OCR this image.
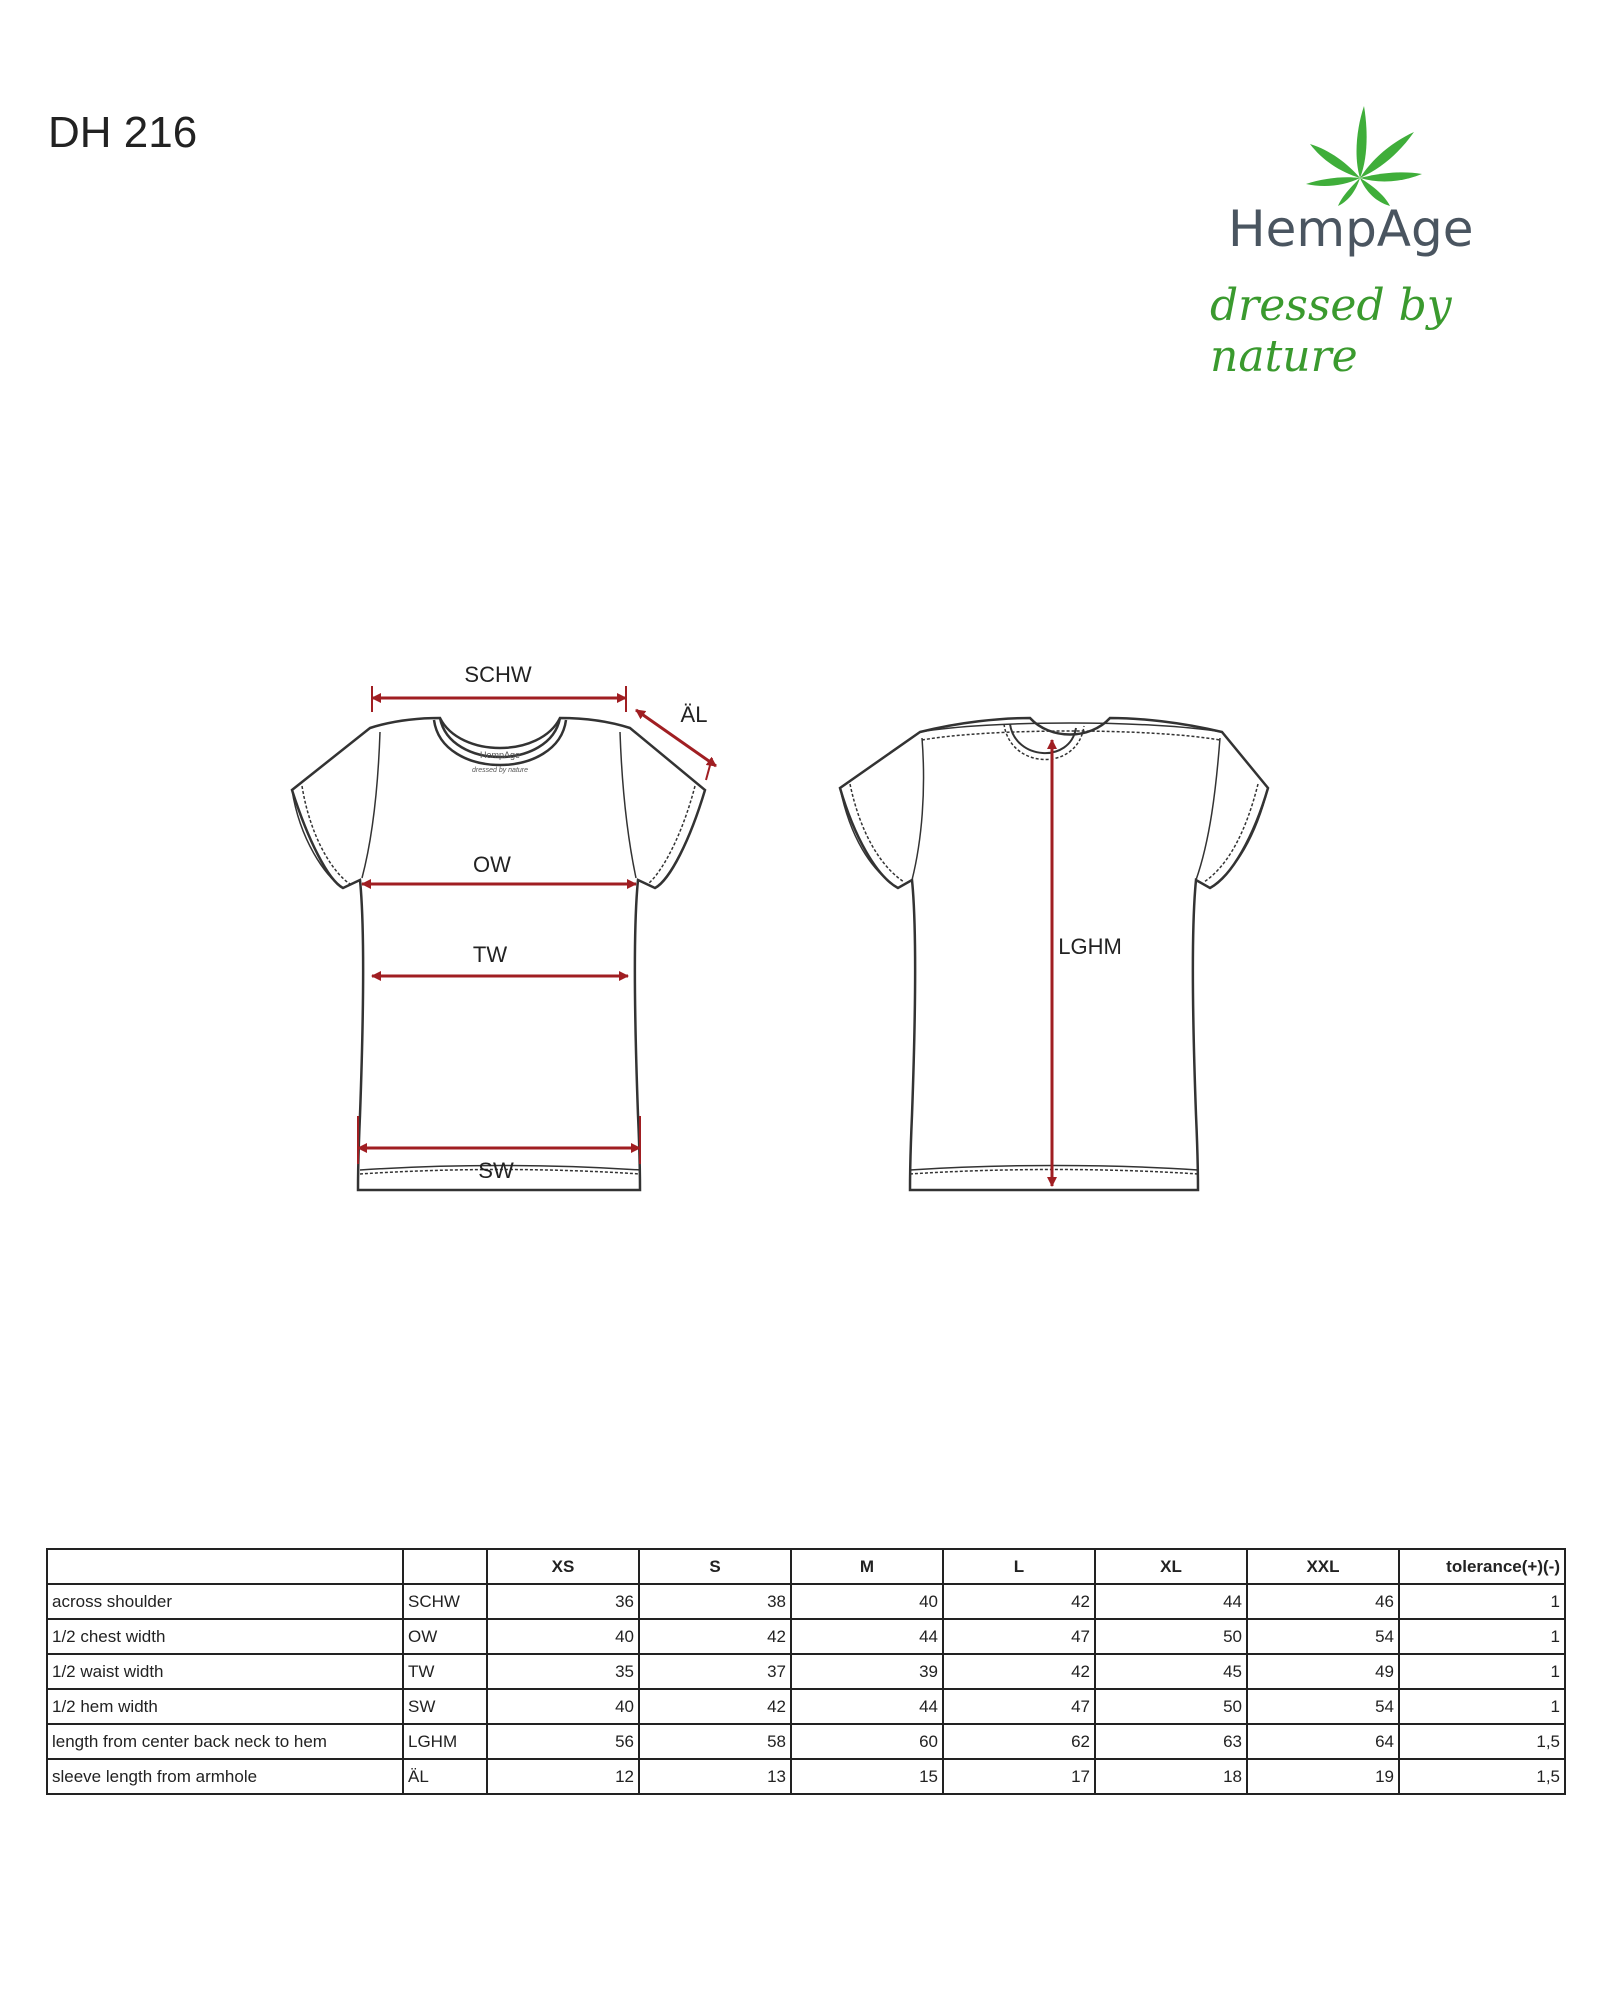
DH 216
HempAge
dressed by nature
HempAge
dressed by nature
SCHW
ÄL
OW
TW
SW
LGHM
		XS	S	M	L	XL	XXL	tolerance(+)(-)
across shoulder	SCHW	36	38	40	42	44	46	1
1/2 chest width	OW	40	42	44	47	50	54	1
1/2 waist width	TW	35	37	39	42	45	49	1
1/2 hem width	SW	40	42	44	47	50	54	1
length from center back neck to hem	LGHM	56	58	60	62	63	64	1,5
sleeve length from armhole	ÄL	12	13	15	17	18	19	1,5
